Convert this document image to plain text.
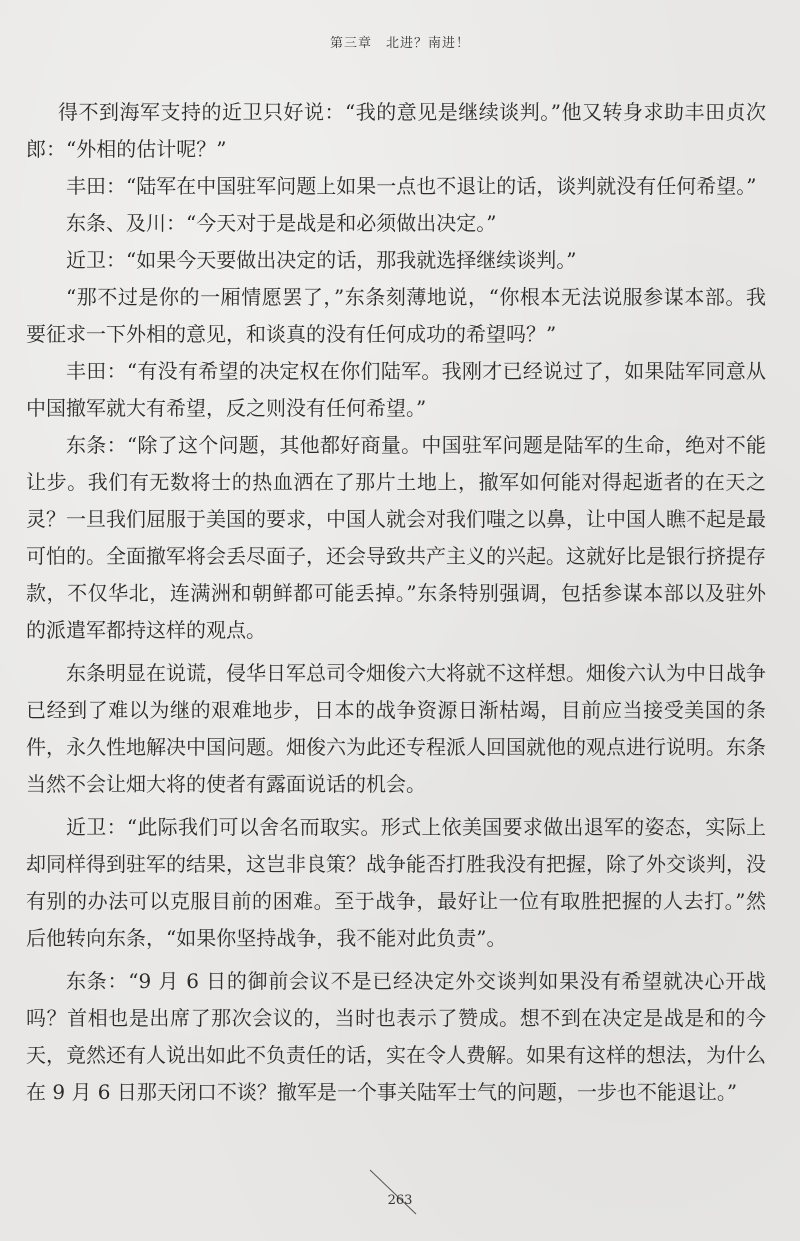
第三章　北进？南进！

得不到海军支持的近卫只好说：“我的意见是继续谈判。”他又转身求助丰田贞次郎：“外相的估计呢？”

丰田：“陆军在中国驻军问题上如果一点也不退让的话，谈判就没有任何希望。”

东条、及川：“今天对于是战是和必须做出决定。”

近卫：“如果今天要做出决定的话，那我就选择继续谈判。”

“那不过是你的一厢情愿罢了，”东条刻薄地说，“你根本无法说服参谋本部。我要征求一下外相的意见，和谈真的没有任何成功的希望吗？”

丰田：“有没有希望的决定权在你们陆军。我刚才已经说过了，如果陆军同意从中国撤军就大有希望，反之则没有任何希望。”

东条：“除了这个问题，其他都好商量。中国驻军问题是陆军的生命，绝对不能让步。我们有无数将士的热血洒在了那片土地上，撤军如何能对得起逝者的在天之灵？一旦我们屈服于美国的要求，中国人就会对我们嗤之以鼻，让中国人瞧不起是最可怕的。全面撤军将会丢尽面子，还会导致共产主义的兴起。这就好比是银行挤提存款，不仅华北，连满洲和朝鲜都可能丢掉。”东条特别强调，包括参谋本部以及驻外的派遣军都持这样的观点。

东条明显在说谎，侵华日军总司令畑俊六大将就不这样想。畑俊六认为中日战争已经到了难以为继的艰难地步，日本的战争资源日渐枯竭，目前应当接受美国的条件，永久性地解决中国问题。畑俊六为此还专程派人回国就他的观点进行说明。东条当然不会让畑大将的使者有露面说话的机会。

近卫：“此际我们可以舍名而取实。形式上依美国要求做出退军的姿态，实际上却同样得到驻军的结果，这岂非良策？战争能否打胜我没有把握，除了外交谈判，没有别的办法可以克服目前的困难。至于战争，最好让一位有取胜把握的人去打。”然后他转向东条，“如果你坚持战争，我不能对此负责”。

东条：“9 月 6 日的御前会议不是已经决定外交谈判如果没有希望就决心开战吗？首相也是出席了那次会议的，当时也表示了赞成。想不到在决定是战是和的今天，竟然还有人说出如此不负责任的话，实在令人费解。如果有这样的想法，为什么在 9 月 6 日那天闭口不谈？撤军是一个事关陆军士气的问题，一步也不能退让。”

263
